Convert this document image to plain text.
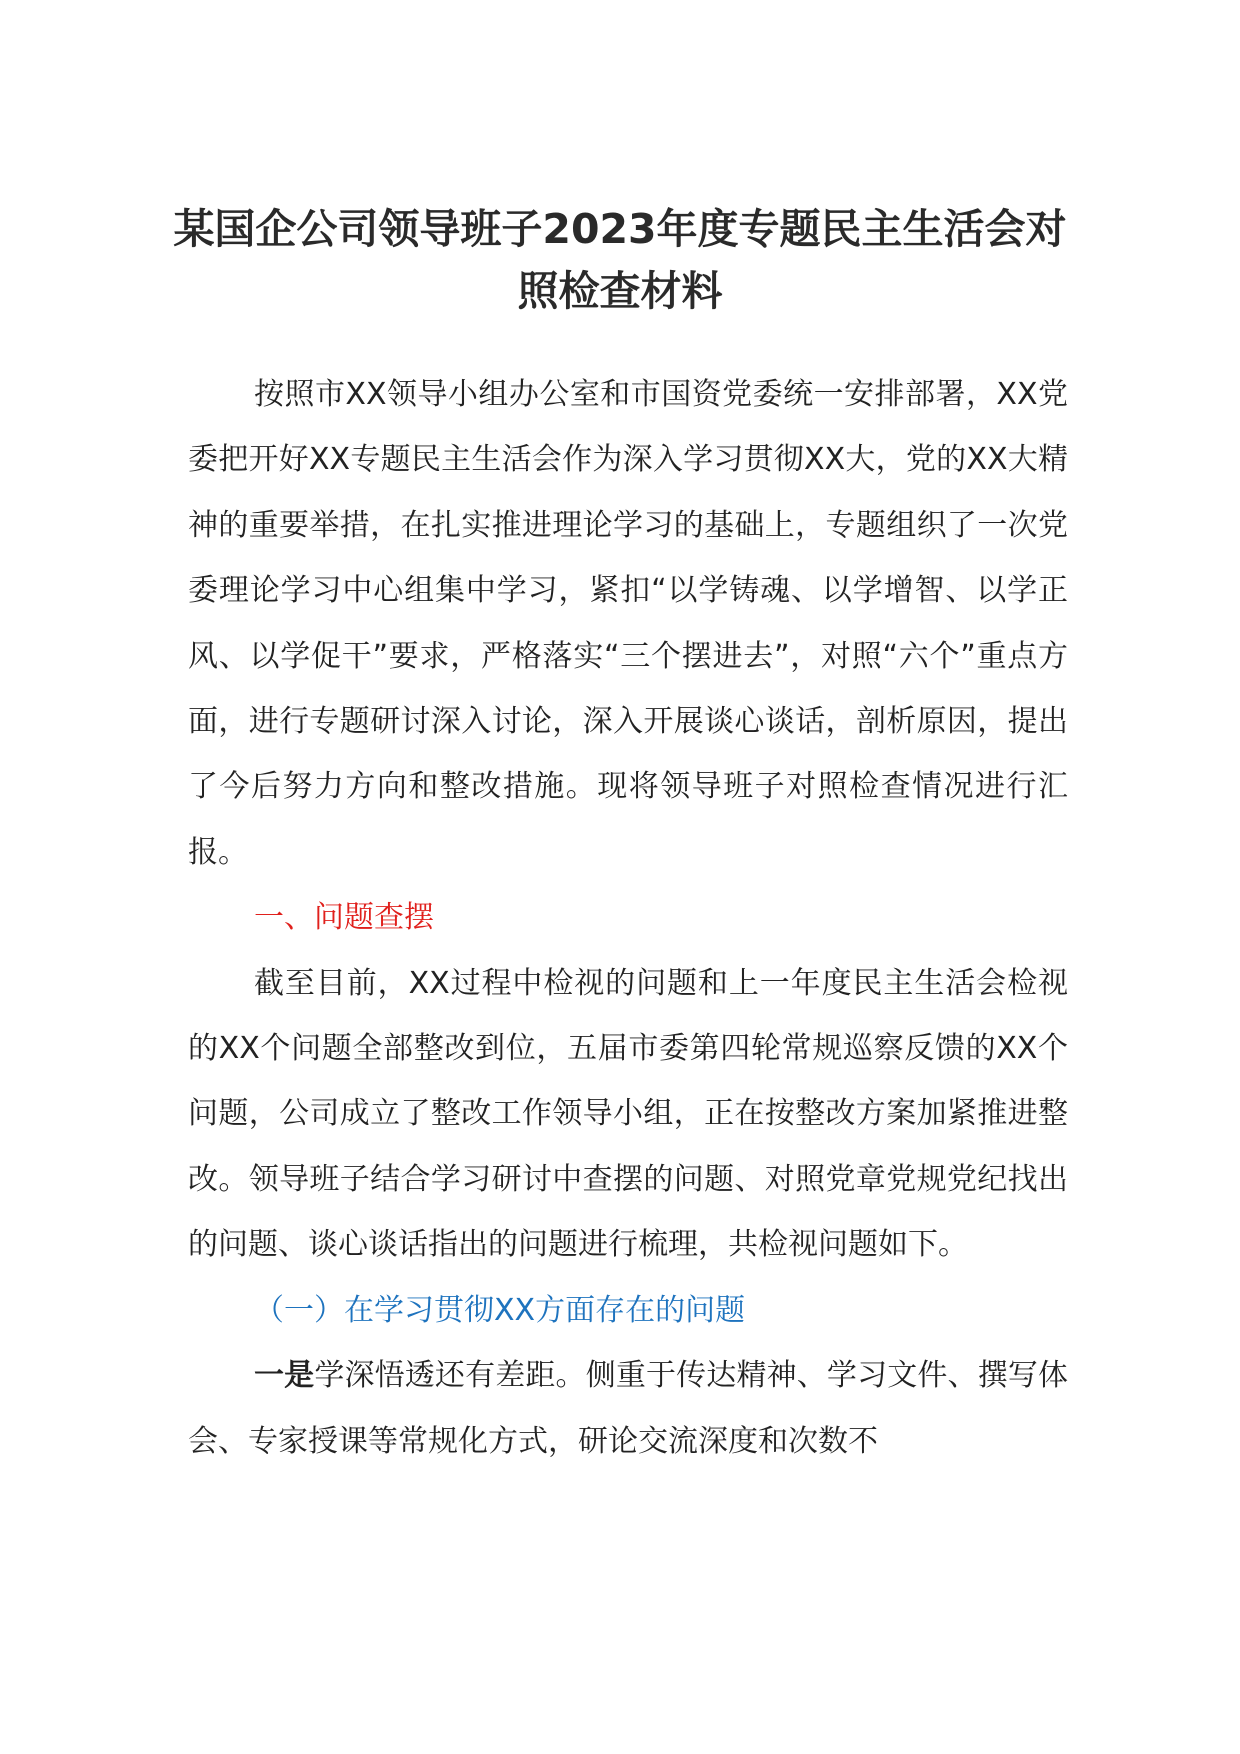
某国企公司领导班子2023年度专题民主生活会对照检查材料

按照市XX领导小组办公室和市国资党委统一安排部署，XX党委把开好XX专题民主生活会作为深入学习贯彻XX大，党的XX大精神的重要举措，在扎实推进理论学习的基础上，专题组织了一次党委理论学习中心组集中学习，紧扣“以学铸魂、以学增智、以学正风、以学促干”要求，严格落实“三个摆进去”，对照“六个”重点方面，进行专题研讨深入讨论，深入开展谈心谈话，剖析原因，提出了今后努力方向和整改措施。现将领导班子对照检查情况进行汇报。

一、问题查摆

截至目前，XX过程中检视的问题和上一年度民主生活会检视的XX个问题全部整改到位，五届市委第四轮常规巡察反馈的XX个问题，公司成立了整改工作领导小组，正在按整改方案加紧推进整改。领导班子结合学习研讨中查摆的问题、对照党章党规党纪找出的问题、谈心谈话指出的问题进行梳理，共检视问题如下。

（一）在学习贯彻XX方面存在的问题

一是学深悟透还有差距。侧重于传达精神、学习文件、撰写体会、专家授课等常规化方式，研论交流深度和次数不
